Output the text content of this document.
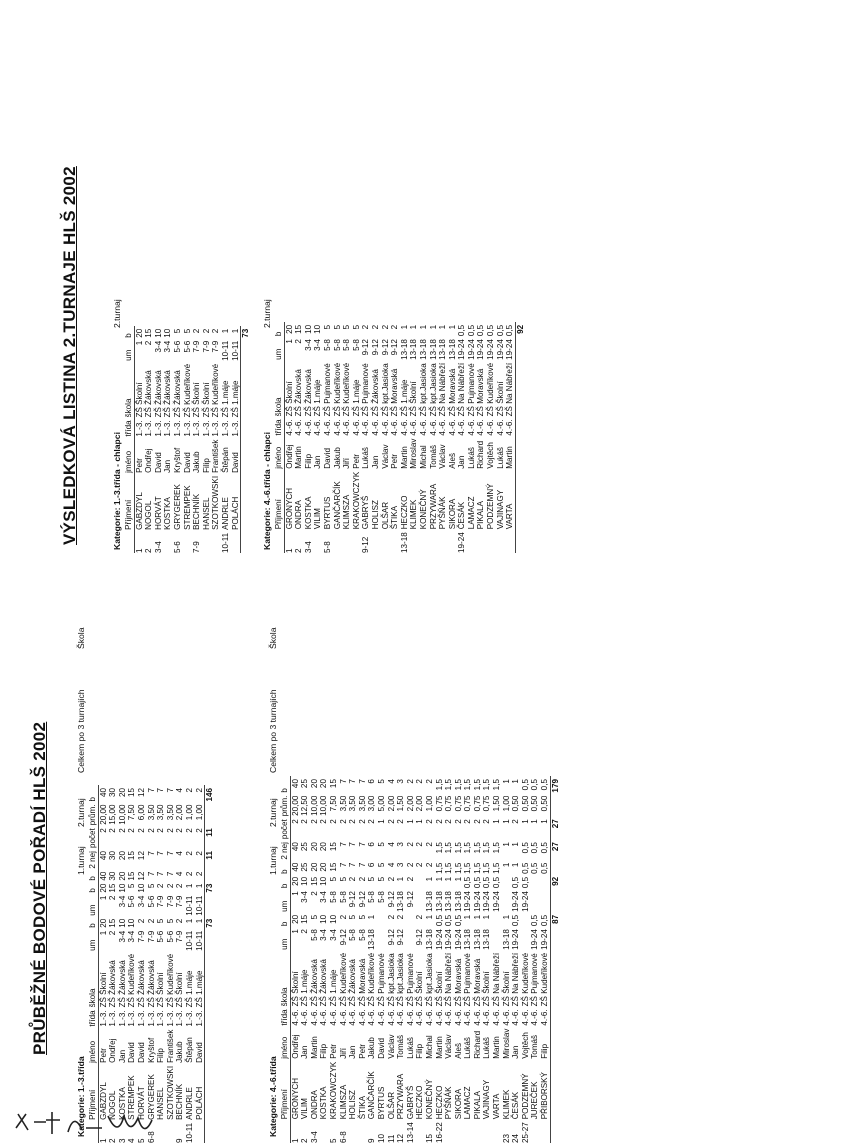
PRŮBĚŽNÉ BODOVÉ POŘADÍ HLŠ 2002
Kategorie: 1.-3.třída
1.turnaj
2.turnaj
Celkem po 3 turnajích
Škola
	Příjmení	jméno	třída	škola	um	b	um	b	b	2 nej	počet	prům.	b
1	GABZDYL	Petr	1.-3.	ZŠ Školní	1	20	1	20	40	40	2	20,00	40
2	NOGOL	Ondřej	1.-3.	ZŠ Žákovská	2	15	2	15	30	30	2	15,00	30
3	KOSTKA	Jan	1.-3.	ZŠ Žákovská	3-4	10	3-4	10	20	20	2	10,00	20
4	STREMPEK	David	1.-3.	ZŠ Kudeříkové	3-4	10	5-6	5	15	15	2	7,50	15
5	HORVÁT	David	1.-3.	ZŠ Žákovská	7-9	2	3-4	10	12	12	2	6,00	12
6-8	GRYGEREK	Kryštof	1.-3.	ZŠ Žákovská	7-9	2	5-6	5	7	7	2	3,50	7
	HANSEL	Filip	1.-3.	ZŠ Školní	5-6	5	7-9	2	7	7	2	3,50	7
	SZOTKOWSKI	František	1.-3.	ZŠ Kudeříkové	5-6	5	7-9	2	7	7	2	3,50	7
9	BECHNÍK	Jakub	1.-3.	ZŠ Školní	7-9	2	7-9	2	4	4	2	2,00	4
10-11	ANDRLE	Štěpán	1.-3.	ZŠ 1.máje	10-11	1	10-11	1	2	2	2	1,00	2
	POLÁCH	David	1.-3.	ZŠ 1.máje	10-11	1	10-11	1	2	2	2	1,00	2
						73		73		11	11		146
Kategorie: 4.-6.třída
1.turnaj
2.turnaj
Celkem po 3 turnajích
Škola
	Příjmení	jméno	třída	škola	um	b	um	b	b	2 nej	počet	prům.	b
1	GRONYCH	Ondřej	4.-6.	ZŠ Školní	1	20	1	20	40	40	2	20,00	40
2	VILIM	Jan	4.-6.	ZŠ 1.máje	2	15	3-4	10	25	25	2	12,50	25
3-4	ONDRA	Martin	4.-6.	ZŠ Žákovská	5-8	5	2	15	20	20	2	10,00	20
	KOSTKA	Filip	4.-6.	ZŠ Žákovská	3-4	10	3-4	10	20	20	2	10,00	20
5	KRAKOWCZYK	Petr	4.-6.	ZŠ 1.máje	3-4	10	5-8	5	15	15	2	7,50	15
6-8	KLIMSZA	Jiří	4.-6.	ZŠ Kudeříkové	9-12	2	5-8	5	7	7	2	3,50	7
	HOLISZ	Jan	4.-6.	ZŠ Žákovská	5-8	5	9-12	2	7	7	2	3,50	7
	ŠTIKA	Petr	4.-6.	ZŠ Moravská	5-8	5	9-12	2	7	7	2	3,50	7
9	GANČARČÍK	Jakub	4.-6.	ZŠ Kudeříkové	13-18	1	5-8	5	6	6	2	3,00	6
10	BYRTUS	David	4.-6.	ZŠ Pujmanové			5-8	5	5	5	1	5,00	5
11	OLŠAR	Václav	4.-6.	ZŠ kpt.Jasioka	9-12	2	9-12	2	4	4	2	2,00	4
12	PRZYWARA	Tomáš	4.-6.	ZŠ kpt.Jasioka	9-12	2	13-18	1	3	3	2	1,50	3
13-14	GABRYŠ	Lukáš	4.-6.	ZŠ Pujmanové			9-12	2	2	2	1	2,00	2
	HECZKO	Filip	4.-6.	ZŠ Školní	9-12	2			2	2	1	2,00	2
15	KONEČNÝ	Michal	4.-6.	ZŠ kpt.Jasioka	13-18	1	13-18	1	2	2	2	1,00	2
16-22	HECZKO	Martin	4.-6.	ZŠ Školní	19-24	0,5	13-18	1	1,5	1,5	2	0,75	1,5
	PYŠŇÁK	Václav	4.-6.	ZŠ Na Nábřeží	19-24	0,5	13-18	1	1,5	1,5	2	0,75	1,5
	SIKORA	Aleš	4.-6.	ZŠ Moravská	19-24	0,5	13-18	1	1,5	1,5	2	0,75	1,5
	LAMACZ	Lukáš	4.-6.	ZŠ Pujmanové	13-18	1	19-24	0,5	1,5	1,5	2	0,75	1,5
	PIKALA	Richard	4.-6.	ZŠ Moravská	13-18	1	19-24	0,5	1,5	1,5	2	0,75	1,5
	VAJINAGY	Lukáš	4.-6.	ZŠ Školní	13-18	1	19-24	0,5	1,5	1,5	2	0,75	1,5
	VARTA	Martin	4.-6.	ZŠ Na Nábřeží			19-24	0,5	1,5	1,5	1	1,50	1,5
23	KLIMEK	Miroslav	4.-6.	ZŠ Školní	13-18	1			1	1	1	1,00	1
24	ČESÁK	Jan	4.-6.	ZŠ Na Nábřeží	19-24	0,5	19-24	0,5	1	1	2	0,50	1
25-27	PODZEMNÝ	Vojtěch	4.-6.	ZŠ Kudeříkové			19-24	0,5	0,5	0,5	1	0,50	0,5
	JUREČEK	Tomáš	4.-6.	ZŠ Pujmanové	19-24	0,5			0,5	0,5	1	0,50	0,5
	PŘIBORSKÝ	Filip	4.-6.	ZŠ Kudeříkové	19-24	0,5			0,5	0,5	1	0,50	0,5
						87		92		27	27		179
VÝSLEDKOVÁ LISTINA 2.TURNAJE HLŠ 2002	Kategorie: 1.-3.třída - chlapci
2.turnaj
	Příjmení	jméno	třída	škola	um	b
1	GABZDYL	Petr	1.-3.	ZŠ Školní	1	20
2	NOGOL	Ondřej	1.-3.	ZŠ Žákovská	2	15
3-4	HORVÁT	David	1.-3.	ZŠ Žákovská	3-4	10
	KOSTKA	Jan	1.-3.	ZŠ Žákovská	3-4	10
5-6	GRYGEREK	Kryštof	1.-3.	ZŠ Žákovská	5-6	5
	STREMPEK	David	1.-3.	ZŠ Kudeříkové	5-6	5
7-9	BECHNÍK	Jakub	1.-3.	ZŠ Školní	7-9	2
	HANSEL	Filip	1.-3.	ZŠ Školní	7-9	2
	SZOTKOWSKI	František	1.-3.	ZŠ Kudeříkové	7-9	2
10-11	ANDRLE	Štěpán	1.-3.	ZŠ 1.máje	10-11	1
	POLÁCH	David	1.-3.	ZŠ 1.máje	10-11	1
						73
Kategorie: 4.-6.třída - chlapci
2.turnaj
	Příjmení	jméno	třída	škola	um	b
1	GRONYCH	Ondřej	4.-6.	ZŠ Školní	1	20
2	ONDRA	Martin	4.-6.	ZŠ Žákovská	2	15
3-4	KOSTKA	Filip	4.-6.	ZŠ Žákovská	3-4	10
	VILIM	Jan	4.-6.	ZŠ 1.máje	3-4	10
5-8	BYRTUS	David	4.-6.	ZŠ Pujmanové	5-8	5
	GANČARČÍK	Jakub	4.-6.	ZŠ Kudeříkové	5-8	5
	KLIMSZA	Jiří	4.-6.	ZŠ Kudeříkové	5-8	5
	KRAKOWCZYK	Petr	4.-6.	ZŠ 1.máje	5-8	5
9-12	GABRYŠ	Lukáš	4.-6.	ZŠ Pujmanové	9-12	2
	HOLISZ	Jan	4.-6.	ZŠ Žákovská	9-12	2
	OLŠAR	Václav	4.-6.	ZŠ kpt.Jasioka	9-12	2
	ŠTIKA	Petr	4.-6.	ZŠ Moravská	9-12	2
13-18	HECZKO	Martin	4.-6.	ZŠ 1.máje	13-18	1
	KLIMEK	Miroslav	4.-6.	ZŠ Školní	13-18	1
	KONEČNÝ	Michal	4.-6.	ZŠ kpt.Jasioka	13-18	1
	PRZYWARA	Tomáš	4.-6.	ZŠ kpt.Jasioka	13-18	1
	PYŠŇÁK	Václav	4.-6.	ZŠ Na Nábřeží	13-18	1
	SIKORA	Aleš	4.-6.	ZŠ Moravská	13-18	1
19-24	ČESÁK	Jan	4.-6.	ZŠ Na Nábřeží	19-24	0,5
	LAMACZ	Lukáš	4.-6.	ZŠ Pujmanové	19-24	0,5
	PIKALA	Richard	4.-6.	ZŠ Moravská	19-24	0,5
	PODZEMNÝ	Vojtěch	4.-6.	ZŠ Kudeříkové	19-24	0,5
	VAJINAGY	Lukáš	4.-6.	ZŠ Školní	19-24	0,5
	VARTA	Martin	4.-6.	ZŠ Na Nábřeží	19-24	0,5
						92
